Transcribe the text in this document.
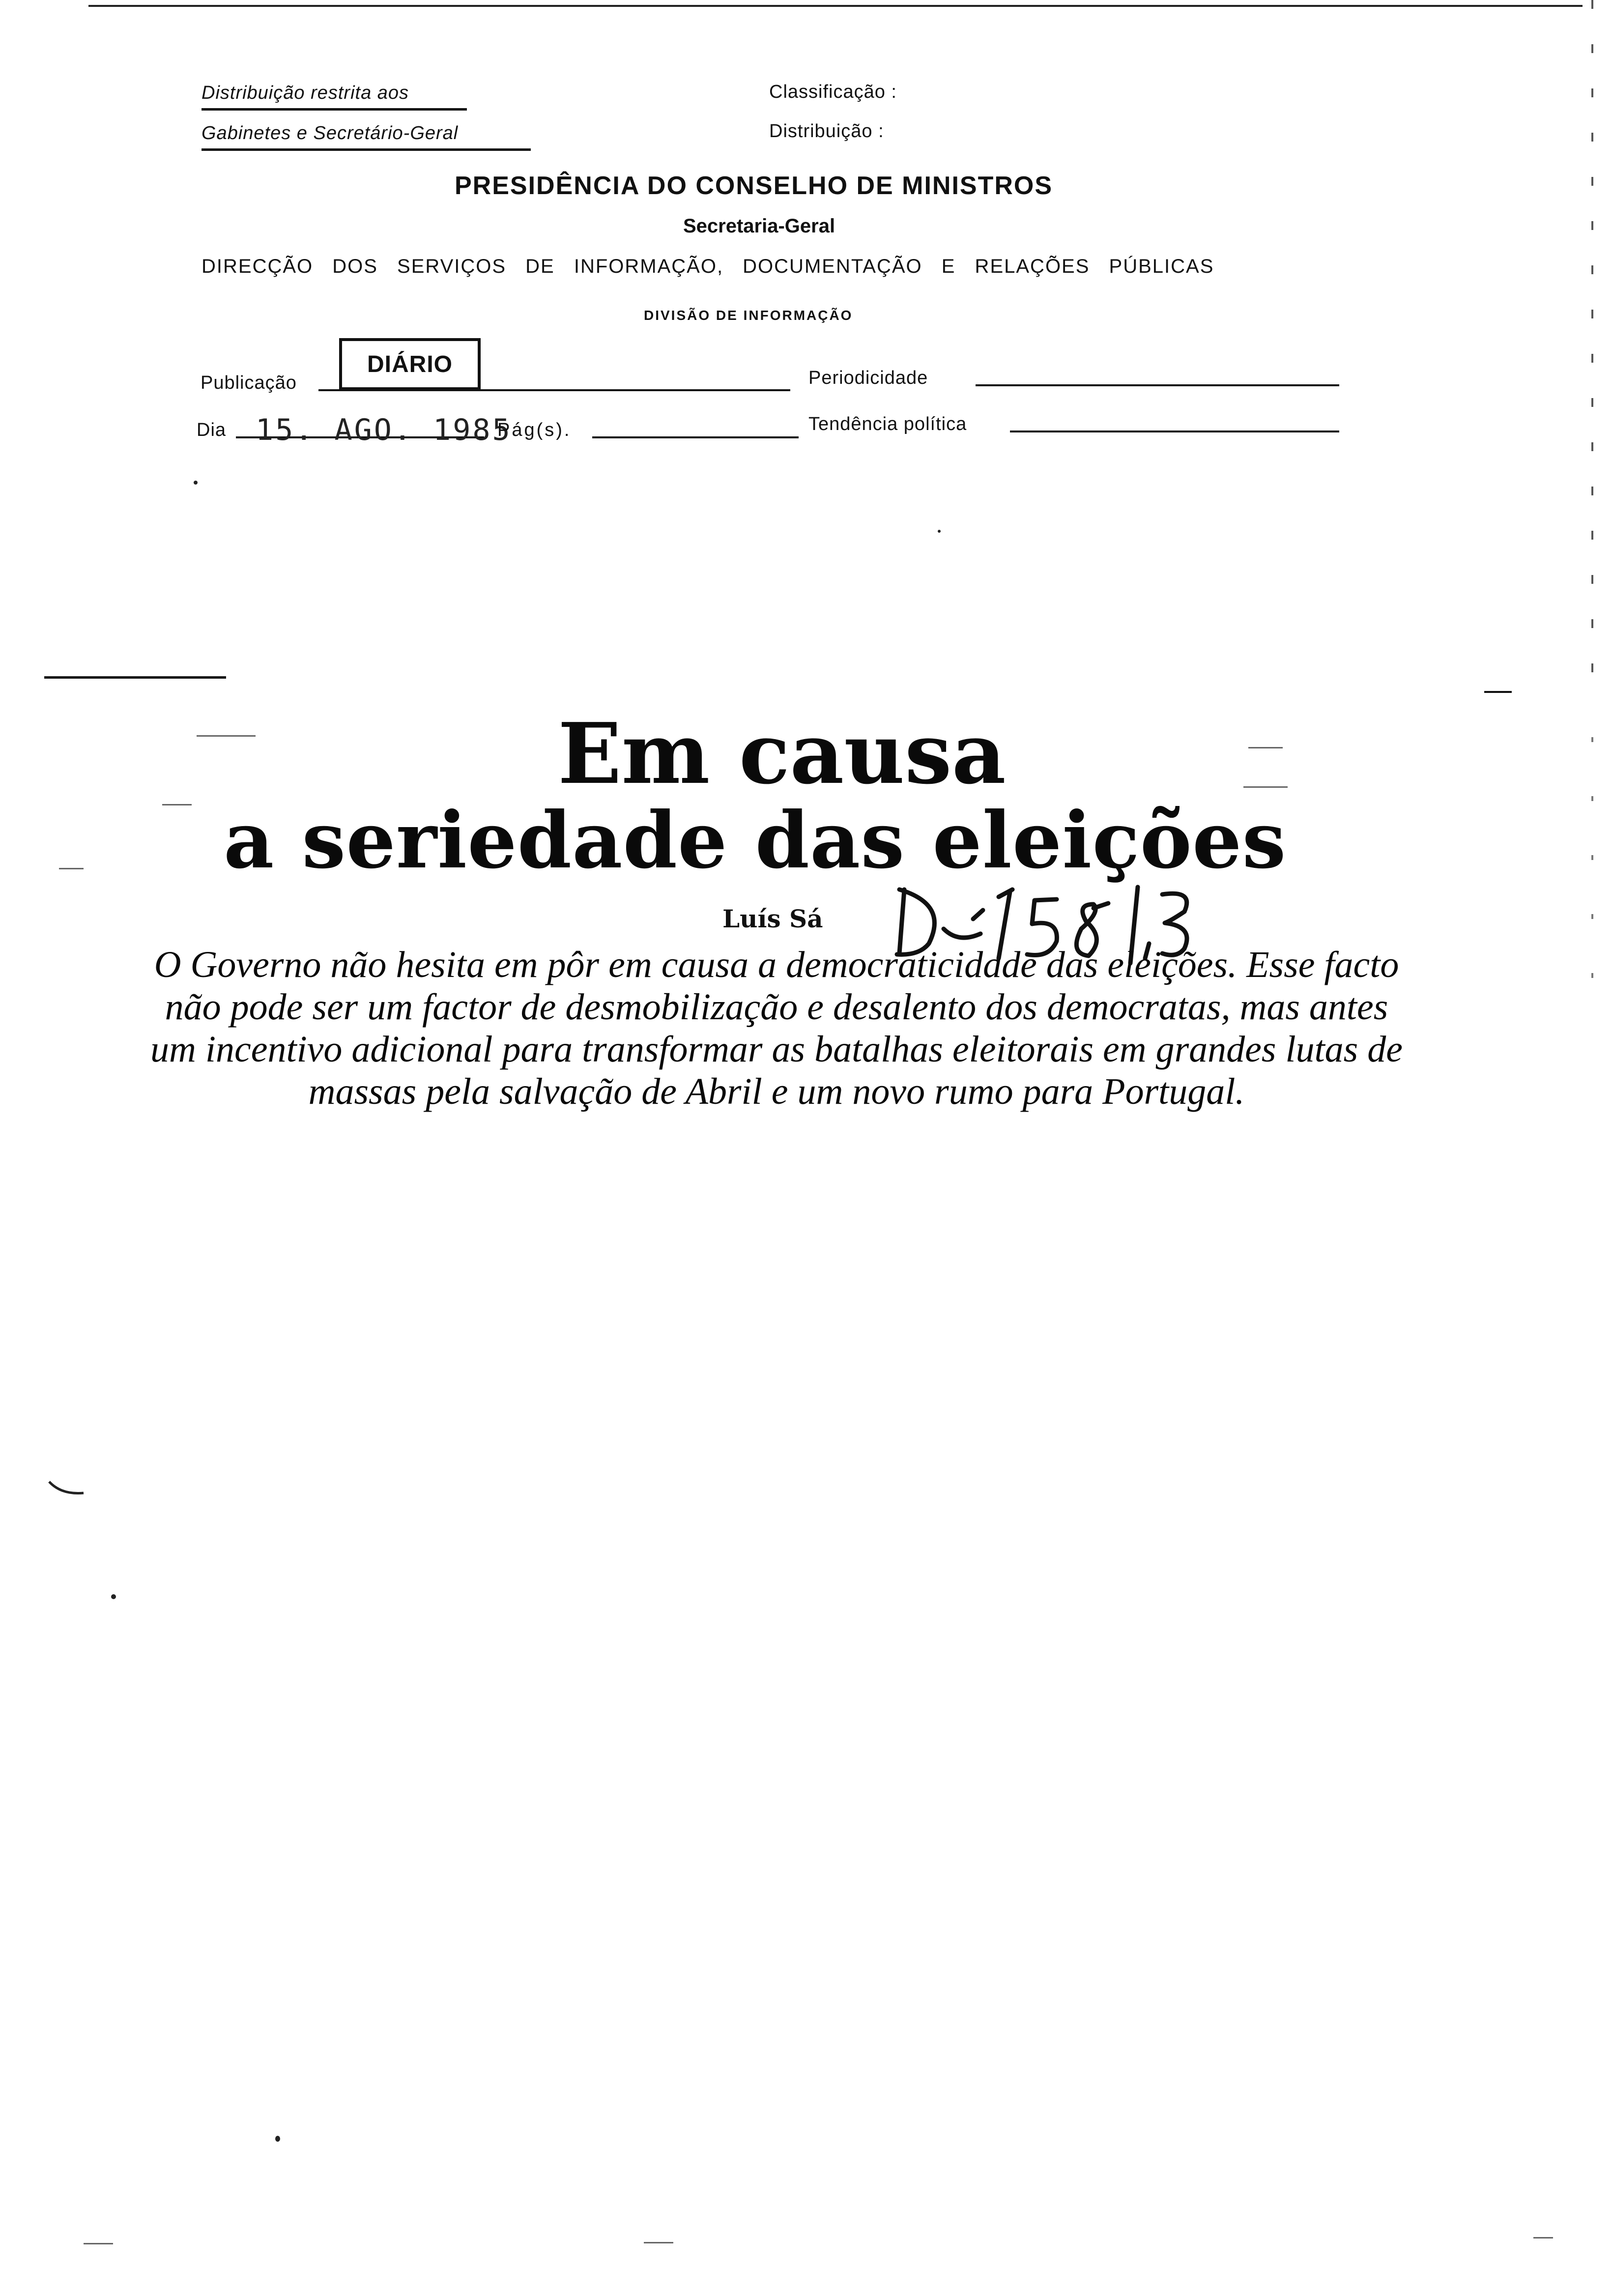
Distribuição restrita aos
Gabinetes e Secretário-Geral
Classificação :
Distribuição :
PRESIDÊNCIA DO CONSELHO DE MINISTROS
Secretaria-Geral
DIRECÇÃO DOS SERVIÇOS DE INFORMAÇÃO, DOCUMENTAÇÃO E RELAÇÕES PÚBLICAS
DIVISÃO DE INFORMAÇÃO
Publicação
DIÁRIO
Periodicidade
Dia 15. AGO. 1985
Pág(s).	Tendência política
Em causa
a seriedade das eleições
Luís Sá
O Governo não hesita em pôr em causa a democraticidade das eleições. Esse facto
não pode ser um factor de desmobilização e desalento dos democratas, mas antes
um incentivo adicional para transformar as batalhas eleitorais em grandes lutas de
massas pela salvação de Abril e um novo rumo para Portugal.
